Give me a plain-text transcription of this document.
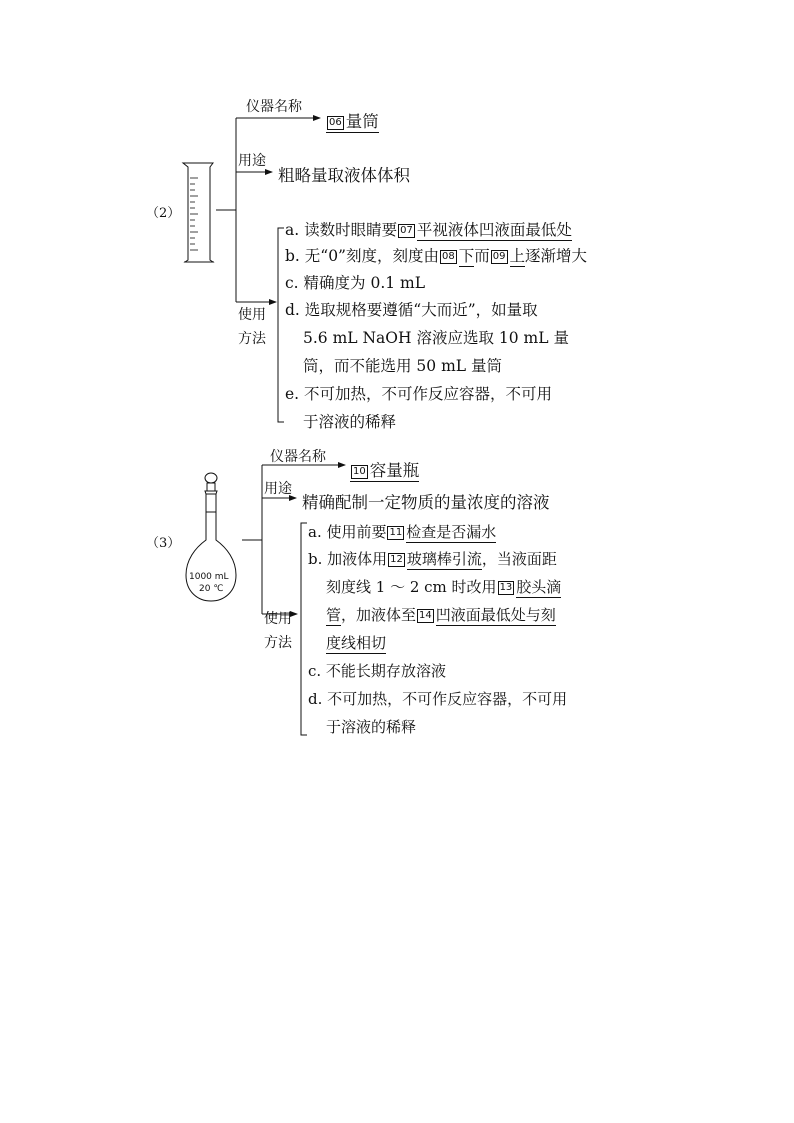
（2）
仪器名称
06 量筒
用途
粗略量取液体体积
使用
方法
a. 读数时眼睛要 07 平视液体凹液面最低处
b. 无“0”刻度，刻度由 08 下而 09 上逐渐增大
c. 精确度为 0.1 mL
d. 选取规格要遵循“大而近”，如量取
5.6 mL NaOH 溶液应选取 10 mL 量
筒，而不能选用 50 mL 量筒
e. 不可加热，不可作反应容器，不可用
于溶液的稀释
（3）
1000 mL
20 ℃
仪器名称
10 容量瓶
用途
精确配制一定物质的量浓度的溶液
使用
方法
a. 使用前要 11 检查是否漏水
b. 加液体用 12 玻璃棒引流，当液面距
刻度线 1 ～ 2 cm 时改用 13 胶头滴
管，加液体至 14 凹液面最低处与刻
度线相切
c. 不能长期存放溶液
d. 不可加热，不可作反应容器，不可用
于溶液的稀释
